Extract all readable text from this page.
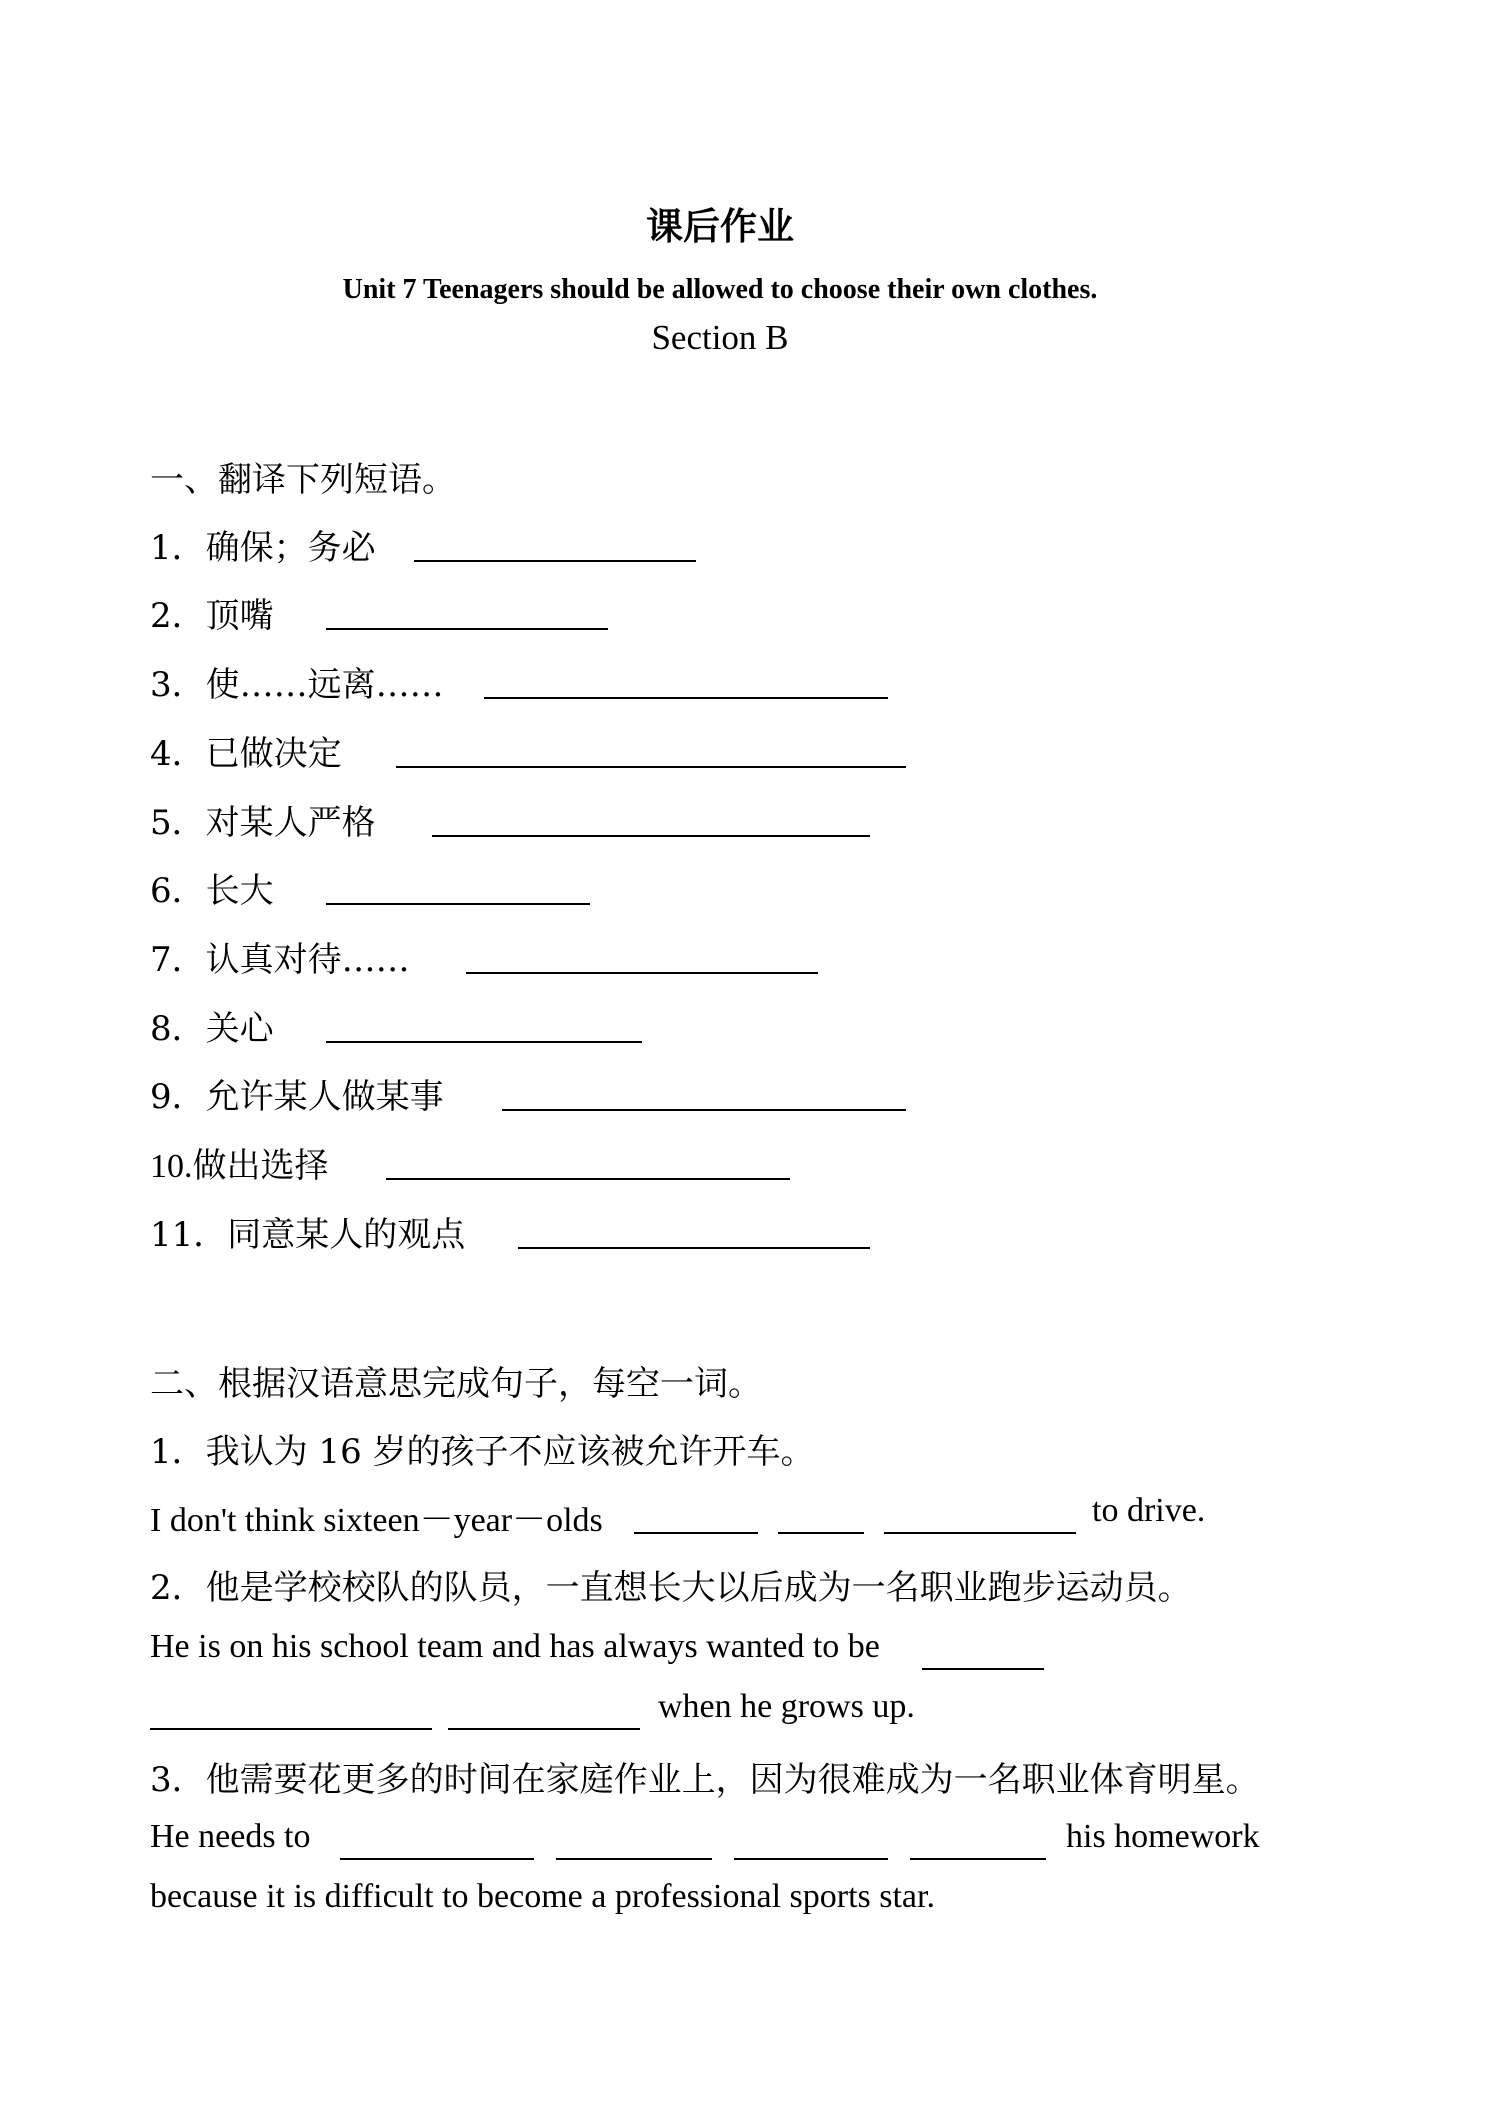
课后作业
Unit 7 Teenagers should be allowed to choose their own clothes.
Section B
一、翻译下列短语。
1．确保；务必
2．顶嘴
3．使……远离……
4．已做决定
5．对某人严格
6．长大
7．认真对待……
8．关心
9．允许某人做某事
10.做出选择
11．同意某人的观点
二、根据汉语意思完成句子，每空一词。
1．我认为 16 岁的孩子不应该被允许开车。
I don't think sixteen－year－olds	to drive.
2．他是学校校队的队员，一直想长大以后成为一名职业跑步运动员。
He is on his school team and has always wanted to be
when he grows up.
3．他需要花更多的时间在家庭作业上，因为很难成为一名职业体育明星。
He needs to	his homework
because it is difficult to become a professional sports star.
